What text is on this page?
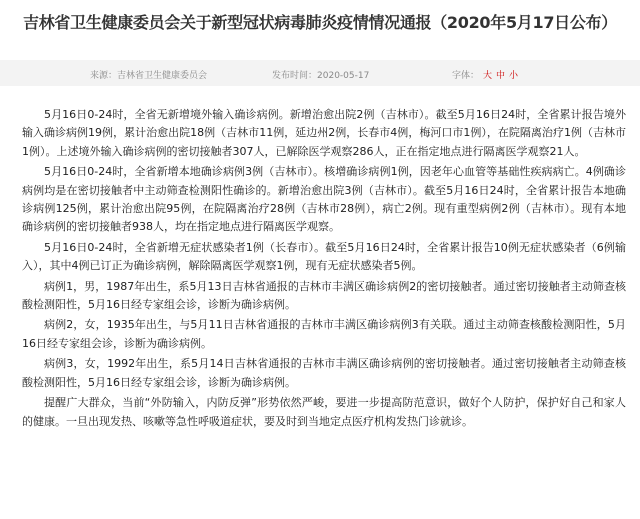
吉林省卫生健康委员会关于新型冠状病毒肺炎疫情情况通报（2020年5月17日公布）
来源：吉林省卫生健康委员会	发布时间：2020-05-17	字体： 大 中 小

5月16日0-24时，全省无新增境外输入确诊病例。新增治愈出院2例（吉林市）。截至5月16日24时，全省累计报告境外输入确诊病例19例，累计治愈出院18例（吉林市11例，延边州2例，长春市4例，梅河口市1例），在院隔离治疗1例（吉林市1例）。上述境外输入确诊病例的密切接触者307人，已解除医学观察286人，正在指定地点进行隔离医学观察21人。

5月16日0-24时，全省新增本地确诊病例3例（吉林市）。核增确诊病例1例，因老年心血管等基础性疾病病亡。4例确诊病例均是在密切接触者中主动筛查检测阳性确诊的。新增治愈出院3例（吉林市）。截至5月16日24时，全省累计报告本地确诊病例125例，累计治愈出院95例，在院隔离治疗28例（吉林市28例），病亡2例。现有重型病例2例（吉林市）。现有本地确诊病例的密切接触者938人，均在指定地点进行隔离医学观察。

5月16日0-24时，全省新增无症状感染者1例（长春市）。截至5月16日24时，全省累计报告10例无症状感染者（6例输入），其中4例已订正为确诊病例，解除隔离医学观察1例，现有无症状感染者5例。

病例1，男，1987年出生，系5月13日吉林省通报的吉林市丰满区确诊病例2的密切接触者。通过密切接触者主动筛查核酸检测阳性，5月16日经专家组会诊，诊断为确诊病例。

病例2，女，1935年出生，与5月11日吉林省通报的吉林市丰满区确诊病例3有关联。通过主动筛查核酸检测阳性，5月16日经专家组会诊，诊断为确诊病例。

病例3，女，1992年出生，系5月14日吉林省通报的吉林市丰满区确诊病例的密切接触者。通过密切接触者主动筛查核酸检测阳性，5月16日经专家组会诊，诊断为确诊病例。

提醒广大群众，当前“外防输入，内防反弹”形势依然严峻，要进一步提高防范意识，做好个人防护，保护好自己和家人的健康。一旦出现发热、咳嗽等急性呼吸道症状，要及时到当地定点医疗机构发热门诊就诊。
